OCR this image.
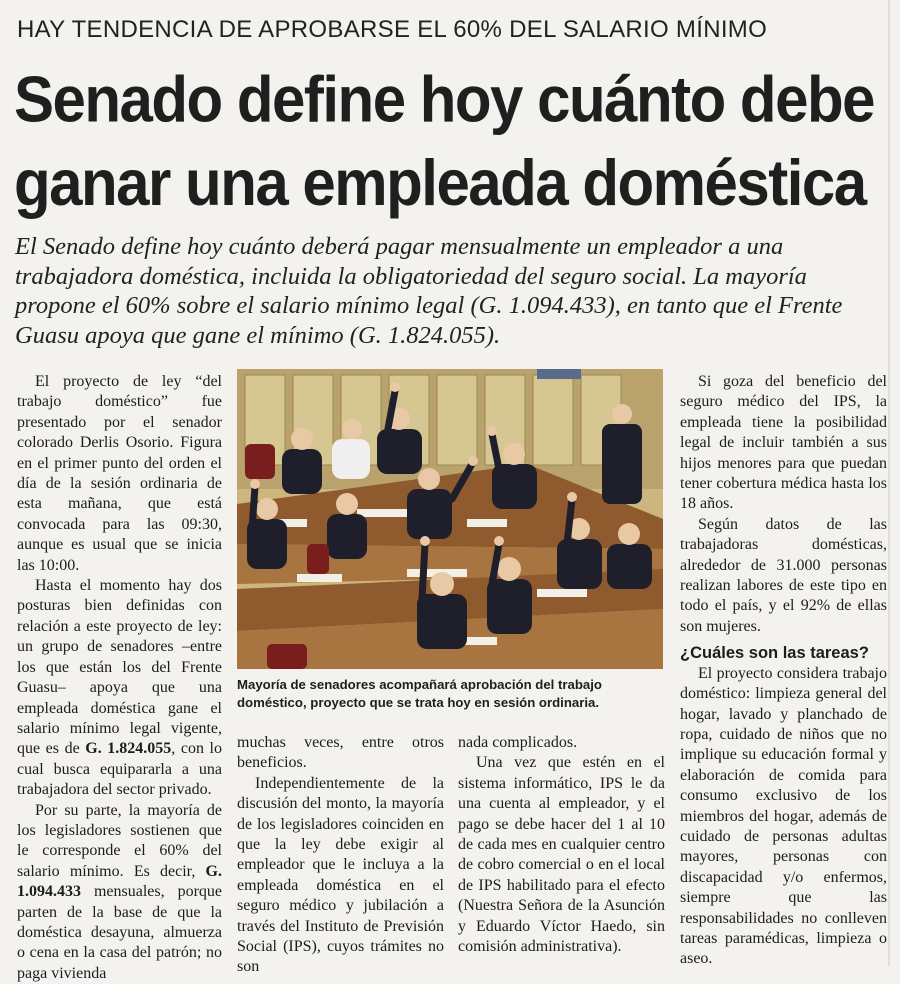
HAY TENDENCIA DE APROBARSE EL 60% DEL SALARIO MÍNIMO
Senado define hoy cuánto debe ganar una empleada doméstica
El Senado define hoy cuánto deberá pagar mensualmente un empleador a una trabajadora doméstica, incluida la obligatoriedad del seguro social. La mayoría propone el 60% sobre el salario mínimo legal (G. 1.094.433), en tanto que el Frente Guasu apoya que gane el mínimo (G. 1.824.055).

El proyecto de ley “del trabajo doméstico” fue presentado por el senador colorado Derlis Osorio. Figura en el primer punto del orden el día de la sesión ordinaria de esta mañana, que está convocada para las 09:30, aunque es usual que se inicia las 10:00.

Hasta el momento hay dos posturas bien definidas con relación a este proyecto de ley: un grupo de senadores –entre los que están los del Frente Guasu– apoya que una empleada doméstica gane el salario mínimo legal vigente, que es de G. 1.824.055, con lo cual busca equipararla a una trabajadora del sector privado.

Por su parte, la mayoría de los legisladores sostienen que le corresponde el 60% del salario mínimo. Es decir, G. 1.094.433 mensuales, porque parten de la base de que la doméstica desayuna, almuerza o cena en la casa del patrón; no paga vivienda

Mayoría de senadores acompañará aprobación del trabajo doméstico, proyecto que se trata hoy en sesión ordinaria.

muchas veces, entre otros beneficios.

Independientemente de la discusión del monto, la mayoría de los legisladores coinciden en que la ley debe exigir al empleador que le incluya a la empleada doméstica en el seguro médico y jubilación a través del Instituto de Previsión Social (IPS), cuyos trámites no son

nada complicados.

Una vez que estén en el sistema informático, IPS le da una cuenta al empleador, y el pago se debe hacer del 1 al 10 de cada mes en cualquier centro de cobro comercial o en el local de IPS habilitado para el efecto (Nuestra Señora de la Asunción y Eduardo Víctor Haedo, sin comisión administrativa).

Si goza del beneficio del seguro médico del IPS, la empleada tiene la posibilidad legal de incluir también a sus hijos menores para que puedan tener cobertura médica hasta los 18 años.

Según datos de las trabajadoras domésticas, alrededor de 31.000 personas realizan labores de este tipo en todo el país, y el 92% de ellas son mujeres.

¿Cuáles son las tareas?

El proyecto considera trabajo doméstico: limpieza general del hogar, lavado y planchado de ropa, cuidado de niños que no implique su educación formal y elaboración de comida para consumo exclusivo de los miembros del hogar, además de cuidado de personas adultas mayores, personas con discapacidad y/o enfermos, siempre que las responsabilidades no conlleven tareas paramédicas, limpieza o aseo.
